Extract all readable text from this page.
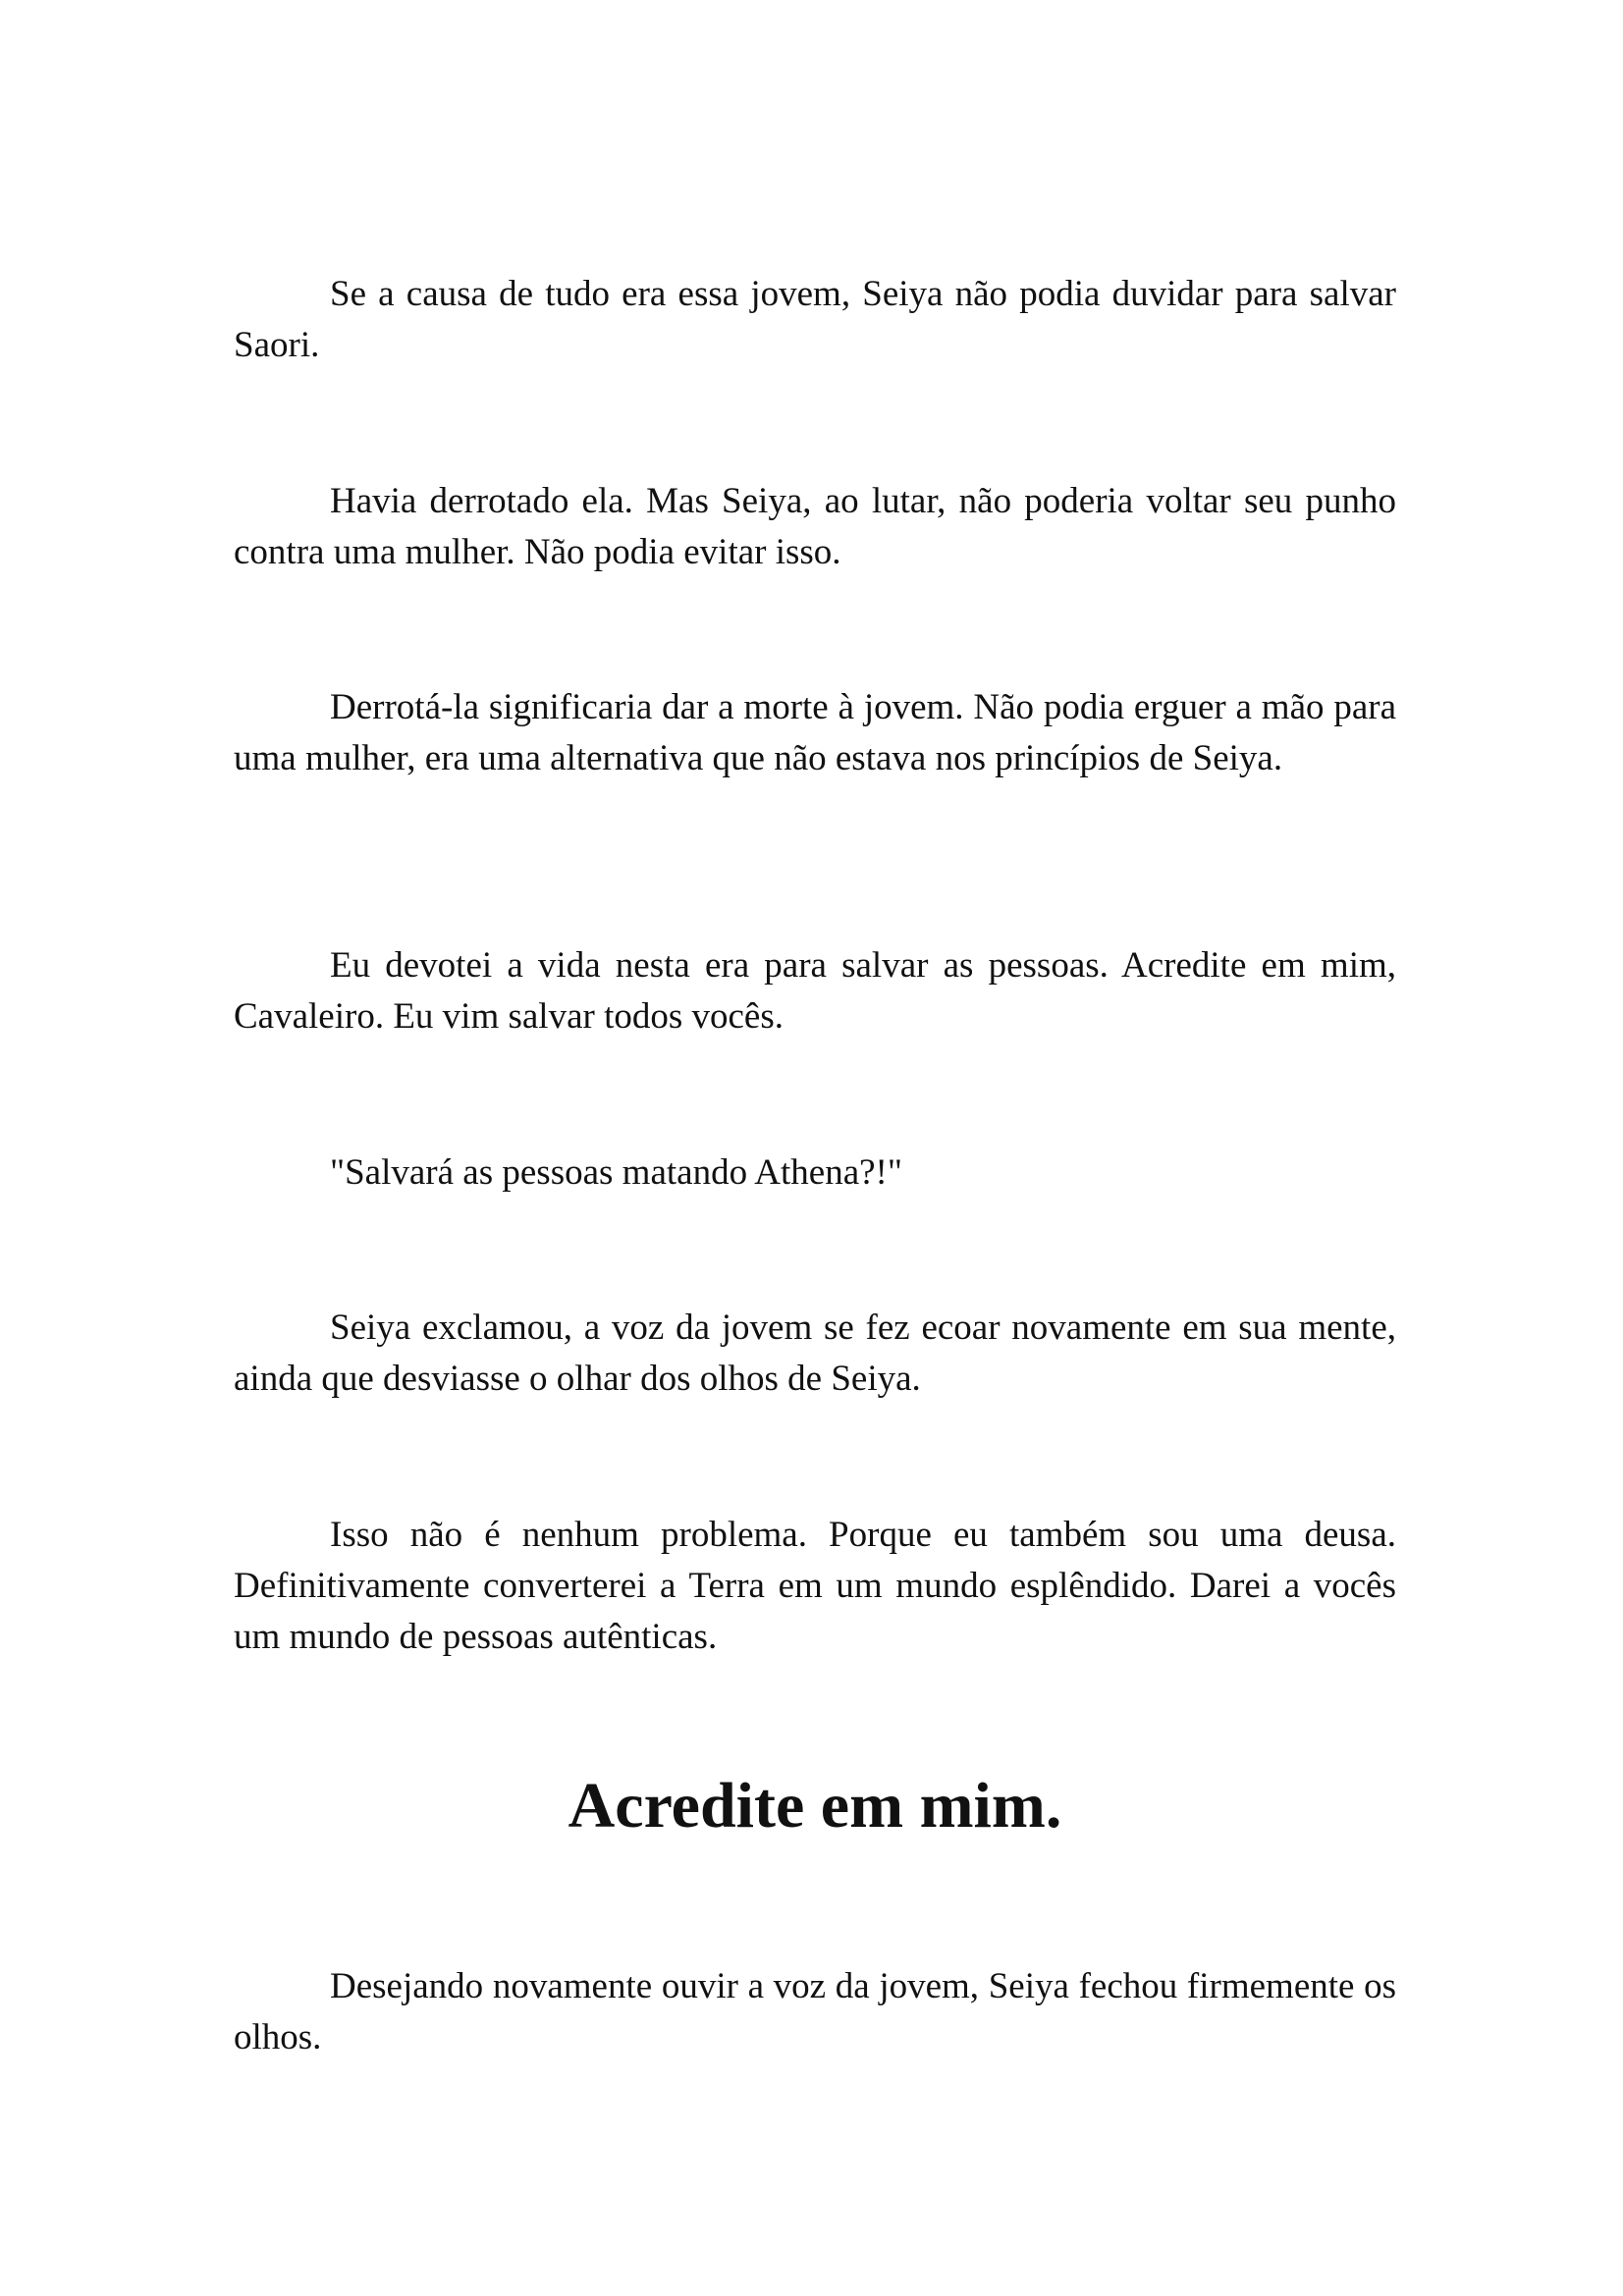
Se a causa de tudo era essa jovem, Seiya não podia duvidar para salvar Saori.

Havia derrotado ela. Mas Seiya, ao lutar, não poderia voltar seu punho contra uma mulher. Não podia evitar isso.

Derrotá-la significaria dar a morte à jovem. Não podia erguer a mão para uma mulher, era uma alternativa que não estava nos princípios de Seiya.

Eu devotei a vida nesta era para salvar as pessoas. Acredite em mim, Cavaleiro. Eu vim salvar todos vocês.

"Salvará as pessoas matando Athena?!"

Seiya exclamou, a voz da jovem se fez ecoar novamente em sua mente, ainda que desviasse o olhar dos olhos de Seiya.

Isso não é nenhum problema. Porque eu também sou uma deusa. Definitivamente converterei a Terra em um mundo esplêndido. Darei a vocês um mundo de pessoas autênticas.

Acredite em mim.

Desejando novamente ouvir a voz da jovem, Seiya fechou firmemente os olhos.
